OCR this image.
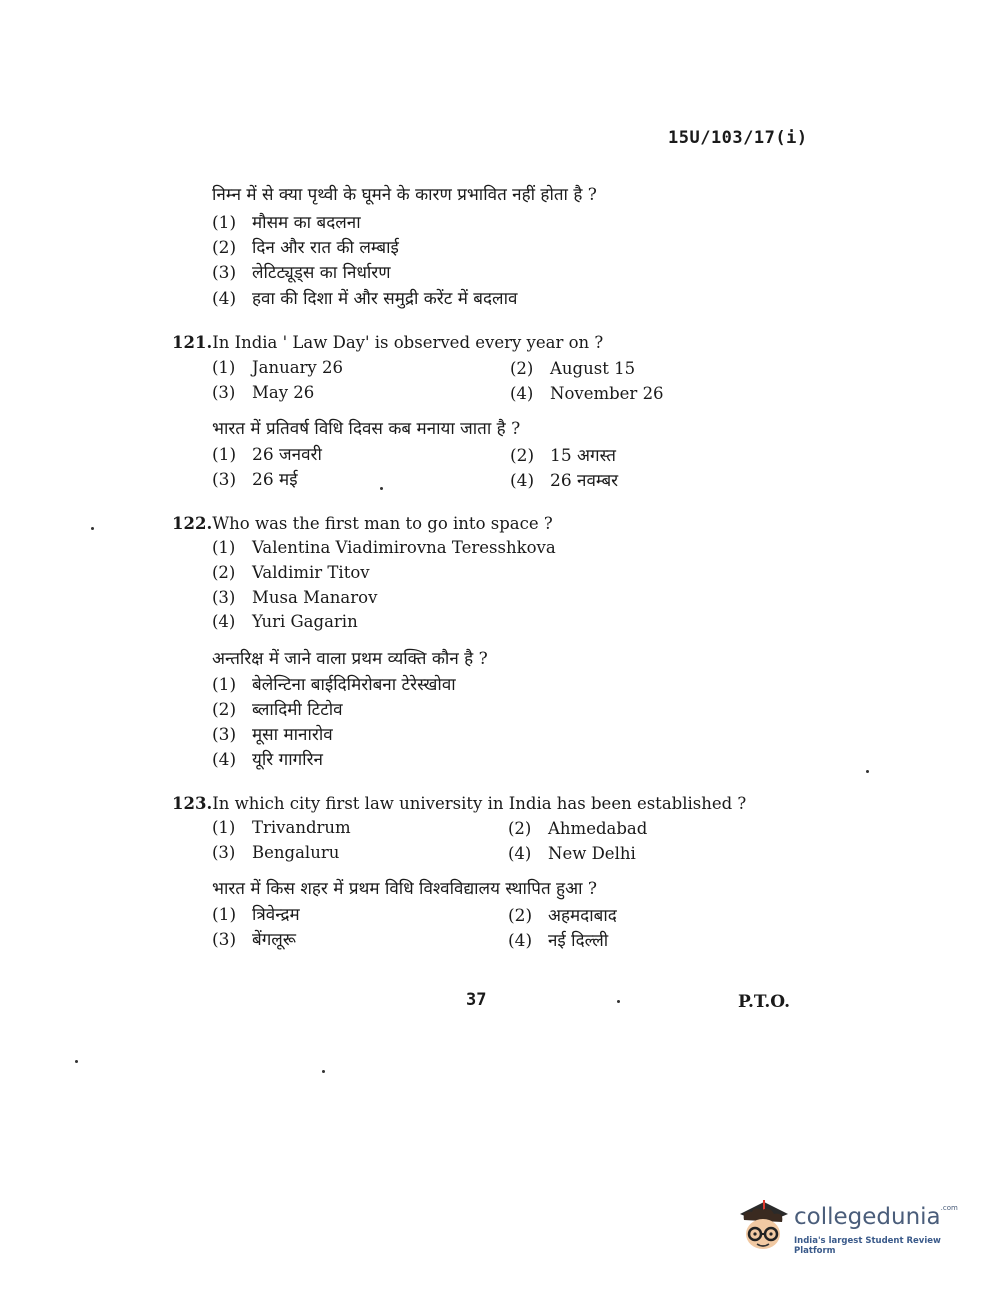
15U/103/17(i)
निम्न में से क्या पृथ्वी के घूमने के कारण प्रभावित नहीं होता है ?
(1) मौसम का बदलना
(2) दिन और रात की लम्बाई
(3) लेटिट्यूड्स का निर्धारण
(4) हवा की दिशा में और समुद्री करेंट में बदलाव
121.In India ' Law Day' is observed every year on ?
(1) January 26	(2) August 15
(3) May 26	(4) November 26
भारत में प्रतिवर्ष विधि दिवस कब मनाया जाता है ?
(1) 26 जनवरी	(2) 15 अगस्त
(3) 26 मई	(4) 26 नवम्बर
122.Who was the first man to go into space ?
(1) Valentina Viadimirovna Teresshkova
(2) Valdimir Titov
(3) Musa Manarov
(4) Yuri Gagarin
अन्तरिक्ष में जाने वाला प्रथम व्यक्ति कौन है ?
(1) बेलेन्टिना बाईदिमिरोबना टेरेस्खोवा
(2) ब्लादिमी टिटोव
(3) मूसा मानारोव
(4) यूरि गागरिन
123.In which city first law university in India has been established ?
(1) Trivandrum	(2) Ahmedabad
(3) Bengaluru	(4) New Delhi
भारत में किस शहर में प्रथम विधि विश्वविद्यालय स्थापित हुआ ?
(1) त्रिवेन्द्रम	(2) अहमदाबाद
(3) बेंगलूरू	(4) नई दिल्ली
37	P.T.O.
collegedunia$^{.com}$
India's largest Student Review Platform
